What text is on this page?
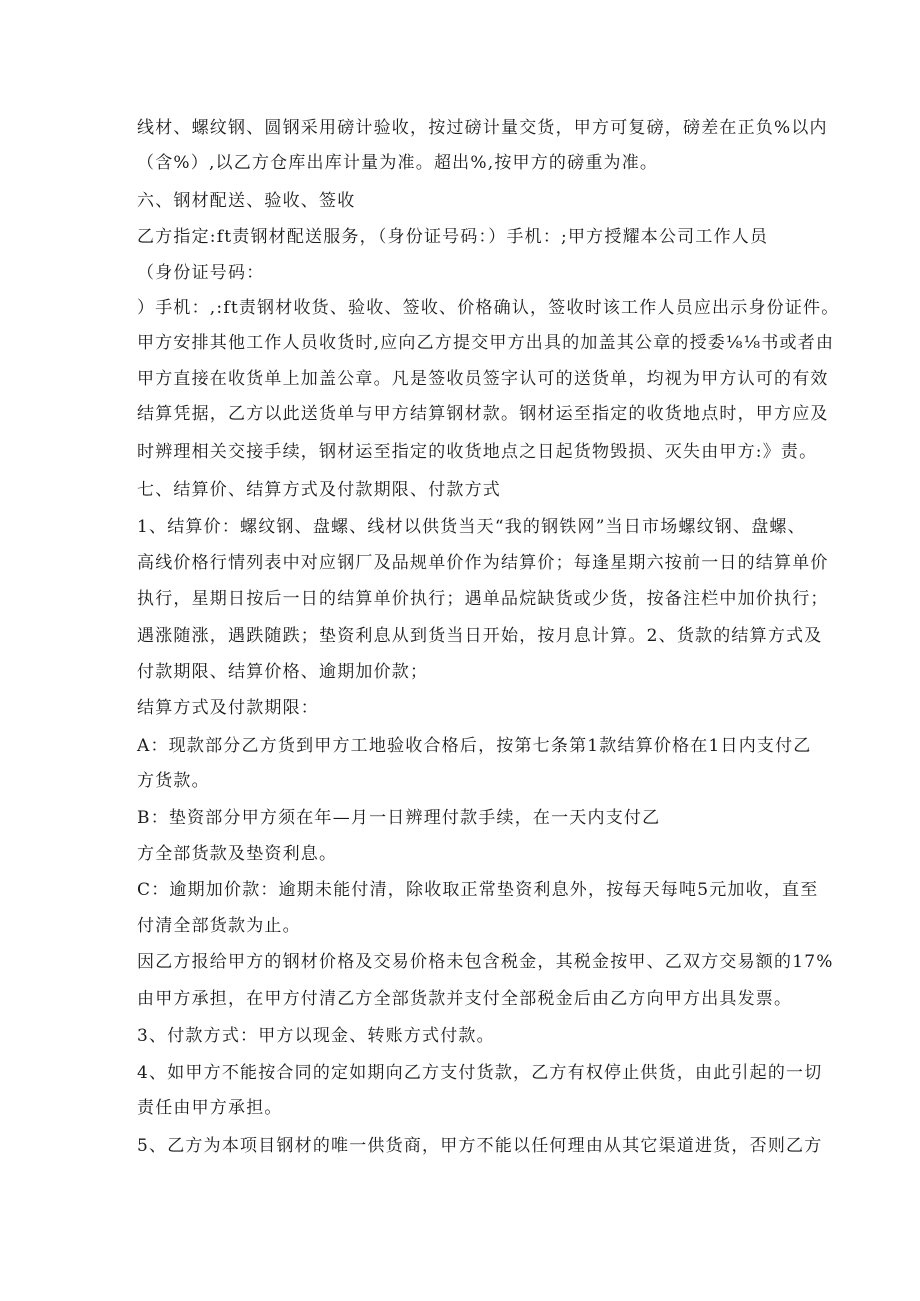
线材、螺纹钢、圆钢采用磅计验收，按过磅计量交货，甲方可复磅，磅差在正负%以内
（含%）,以乙方仓库出库计量为准。超出%,按甲方的磅重为准。
六、钢材配送、验收、签收
乙方指定:ft责钢材配送服务，（身份证号码：）手机：;甲方授耀本公司工作人员
（身份证号码：
）手机：,:ft责钢材收货、验收、签收、价格确认，签收时该工作人员应出示身份证件。
甲方安排其他工作人员收货时,应向乙方提交甲方出具的加盖其公章的授委⅛⅛书或者由
甲方直接在收货单上加盖公章。凡是签收员签字认可的送货单，均视为甲方认可的有效
结算凭据，乙方以此送货单与甲方结算钢材款。钢材运至指定的收货地点时，甲方应及
时辨理相关交接手续，钢材运至指定的收货地点之日起货物毁损、灭失由甲方:》责。
七、结算价、结算方式及付款期限、付款方式
1、结算价：螺纹钢、盘螺、线材以供货当天“我的钢铁网”当日市场螺纹钢、盘螺、
高线价格行情列表中对应钢厂及品规单价作为结算价；每逢星期六按前一日的结算单价
执行，星期日按后一日的结算单价执行；遇单品烷缺货或少货，按备注栏中加价执行；
遇涨随涨，遇跌随跌；垫资利息从到货当日开始，按月息计算。2、货款的结算方式及
付款期限、结算价格、逾期加价款；
结算方式及付款期限：
A：现款部分乙方货到甲方工地验收合格后，按第七条第1款结算价格在1日内支付乙
方货款。
B：垫资部分甲方须在年—月一日辨理付款手续，在一天内支付乙
方全部货款及垫资利息。
C：逾期加价款：逾期未能付清，除收取正常垫资利息外，按每天每吨5元加收，直至
付清全部货款为止。
因乙方报给甲方的钢材价格及交易价格未包含税金，其税金按甲、乙双方交易额的17%
由甲方承担，在甲方付清乙方全部货款并支付全部税金后由乙方向甲方出具发票。
3、付款方式：甲方以现金、转账方式付款。
4、如甲方不能按合同的定如期向乙方支付货款，乙方有权停止供货，由此引起的一切
责任由甲方承担。
5、乙方为本项目钢材的唯一供货商，甲方不能以任何理由从其它渠道进货，否则乙方
